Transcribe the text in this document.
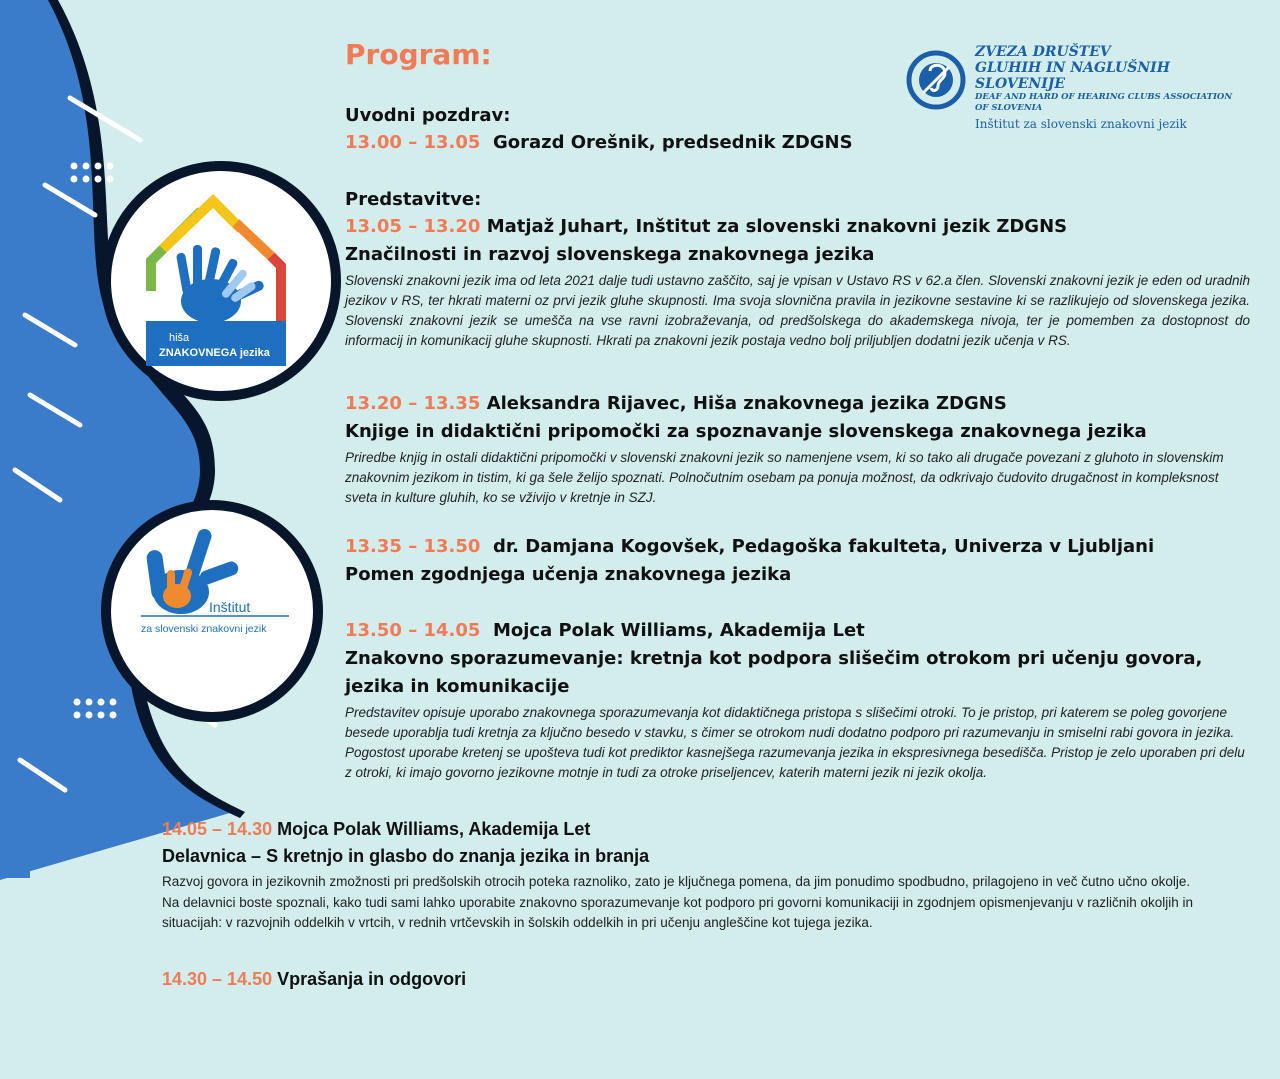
hiša
ZNAKOVNEGA jezika
Inštitut
za slovenski znakovni jezik
ZVEZA DRUŠTEV
GLUHIH IN NAGLUŠNIH SLOVENIJE
DEAF AND HARD OF HEARING CLUBS ASSOCIATION OF SLOVENIA
Inštitut za slovenski znakovni jezik
Program:
Uvodni pozdrav:
13.00 – 13.05 Gorazd Orešnik, predsednik ZDGNS
Predstavitve:
13.05 – 13.20 Matjaž Juhart, Inštitut za slovenski znakovni jezik ZDGNS
Značilnosti in razvoj slovenskega znakovnega jezika
Slovenski znakovni jezik ima od leta 2021 dalje tudi ustavno zaščito, saj je vpisan v Ustavo RS v 62.a člen. Slovenski znakovni jezik je eden od uradnih jezikov v RS, ter hkrati materni oz prvi jezik gluhe skupnosti. Ima svoja slovnična pravila in jezikovne sestavine ki se razlikujejo od slovenskega jezika. Slovenski znakovni jezik se umešča na vse ravni izobraževanja, od predšolskega do akademskega nivoja, ter je pomemben za dostopnost do informacij in komunikacij gluhe skupnosti. Hkrati pa znakovni jezik postaja vedno bolj priljubljen dodatni jezik učenja v RS.
13.20 – 13.35 Aleksandra Rijavec, Hiša znakovnega jezika ZDGNS
Knjige in didaktični pripomočki za spoznavanje slovenskega znakovnega jezika
Priredbe knjig in ostali didaktični pripomočki v slovenski znakovni jezik so namenjene vsem, ki so tako ali drugače povezani z gluhoto in slovenskim znakovnim jezikom in tistim, ki ga šele želijo spoznati. Polnočutnim osebam pa ponuja možnost, da odkrivajo čudovito drugačnost in kompleksnost sveta in kulture gluhih, ko se vživijo v kretnje in SZJ.
13.35 – 13.50 dr. Damjana Kogovšek, Pedagoška fakulteta, Univerza v Ljubljani
Pomen zgodnjega učenja znakovnega jezika
13.50 – 14.05 Mojca Polak Williams, Akademija Let
Znakovno sporazumevanje: kretnja kot podpora slišečim otrokom pri učenju govora, jezika in komunikacije
Predstavitev opisuje uporabo znakovnega sporazumevanja kot didaktičnega pristopa s slišečimi otroki. To je pristop, pri katerem se poleg govorjene besede uporablja tudi kretnja za ključno besedo v stavku, s čimer se otrokom nudi dodatno podporo pri razumevanju in smiselni rabi govora in jezika. Pogostost uporabe kretenj se upošteva tudi kot prediktor kasnejšega razumevanja jezika in ekspresivnega besedišča. Pristop je zelo uporaben pri delu z otroki, ki imajo govorno jezikovne motnje in tudi za otroke priseljencev, katerih materni jezik ni jezik okolja.
14.05 – 14.30 Mojca Polak Williams, Akademija Let
Delavnica – S kretnjo in glasbo do znanja jezika in branja
Razvoj govora in jezikovnih zmožnosti pri predšolskih otrocih poteka raznoliko, zato je ključnega pomena, da jim ponudimo spodbudno, prilagojeno in več čutno učno okolje. Na delavnici boste spoznali, kako tudi sami lahko uporabite znakovno sporazumevanje kot podporo pri govorni komunikaciji in zgodnjem opismenjevanju v različnih okoljih in situacijah: v razvojnih oddelkih v vrtcih, v rednih vrtčevskih in šolskih oddelkih in pri učenju angleščine kot tujega jezika.
14.30 – 14.50 Vprašanja in odgovori
